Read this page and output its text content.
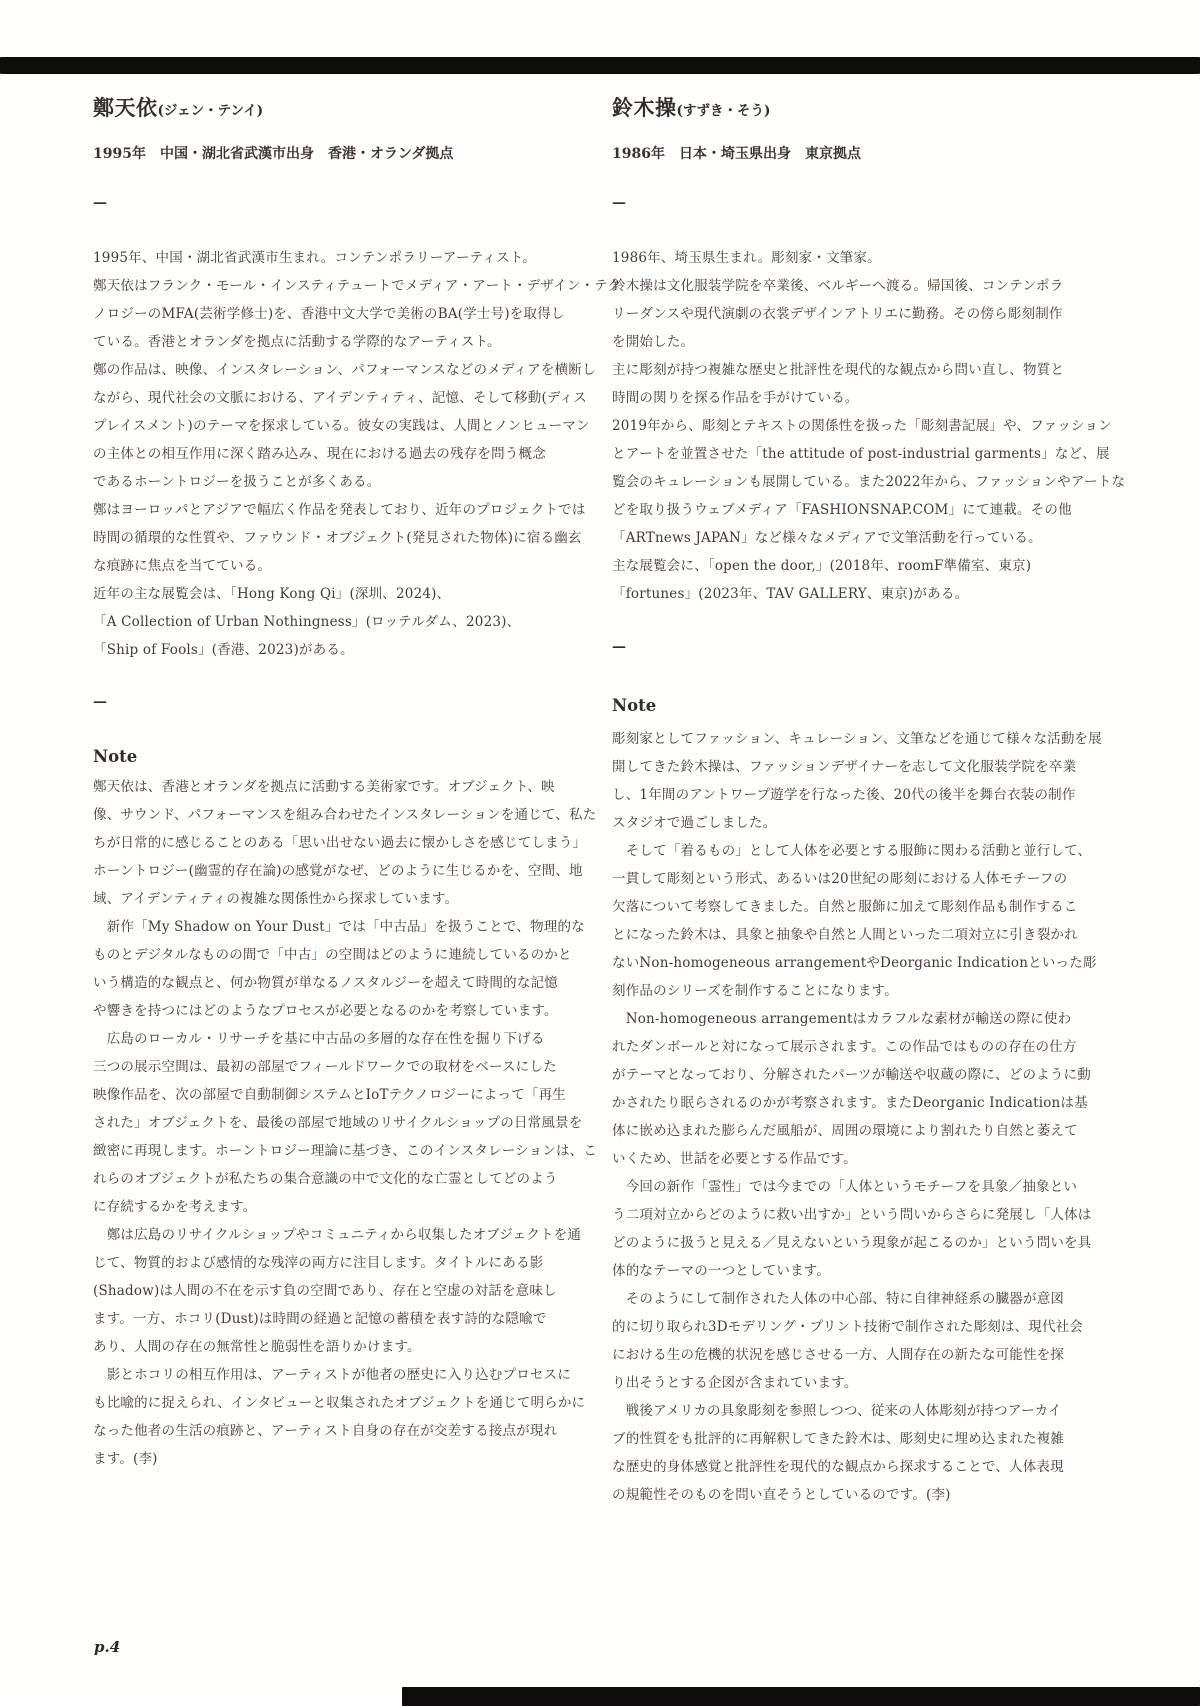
鄭天依(ジェン・テンイ)
1995年　中国・湖北省武漢市出身　香港・オランダ拠点
—
1995年、中国・湖北省武漢市生まれ。コンテンポラリーアーティスト。
鄭天依はフランク・モール・インスティテュートでメディア・アート・デザイン・テク
ノロジーのMFA(芸術学修士)を、香港中文大学で美術のBA(学士号)を取得し
ている。香港とオランダを拠点に活動する学際的なアーティスト。
鄭の作品は、映像、インスタレーション、パフォーマンスなどのメディアを横断し
ながら、現代社会の文脈における、アイデンティティ、記憶、そして移動(ディス
プレイスメント)のテーマを探求している。彼女の実践は、人間とノンヒューマン
の主体との相互作用に深く踏み込み、現在における過去の残存を問う概念
であるホーントロジーを扱うことが多くある。
鄭はヨーロッパとアジアで幅広く作品を発表しており、近年のプロジェクトでは
時間の循環的な性質や、ファウンド・オブジェクト(発見された物体)に宿る幽玄
な痕跡に焦点を当てている。
近年の主な展覧会は、「Hong Kong Qi」(深圳、2024)、
「A Collection of Urban Nothingness」(ロッテルダム、2023)、
「Ship of Fools」(香港、2023)がある。
—
Note
鄭天依は、香港とオランダを拠点に活動する美術家です。オブジェクト、映
像、サウンド、パフォーマンスを組み合わせたインスタレーションを通じて、私た
ちが日常的に感じることのある「思い出せない過去に懐かしさを感じてしまう」
ホーントロジー(幽霊的存在論)の感覚がなぜ、どのように生じるかを、空間、地
域、アイデンティティの複雑な関係性から探求しています。
　新作「My Shadow on Your Dust」では「中古品」を扱うことで、物理的な
ものとデジタルなものの間で「中古」の空間はどのように連続しているのかと
いう構造的な観点と、何か物質が単なるノスタルジーを超えて時間的な記憶
や響きを持つにはどのようなプロセスが必要となるのかを考察しています。
　広島のローカル・リサーチを基に中古品の多層的な存在性を掘り下げる
三つの展示空間は、最初の部屋でフィールドワークでの取材をベースにした
映像作品を、次の部屋で自動制御システムとIoTテクノロジーによって「再生
された」オブジェクトを、最後の部屋で地域のリサイクルショップの日常風景を
緻密に再現します。ホーントロジー理論に基づき、このインスタレーションは、こ
れらのオブジェクトが私たちの集合意識の中で文化的な亡霊としてどのよう
に存続するかを考えます。
　鄭は広島のリサイクルショップやコミュニティから収集したオブジェクトを通
じて、物質的および感情的な残滓の両方に注目します。タイトルにある影
(Shadow)は人間の不在を示す負の空間であり、存在と空虚の対話を意味し
ます。一方、ホコリ(Dust)は時間の経過と記憶の蓄積を表す詩的な隠喩で
あり、人間の存在の無常性と脆弱性を語りかけます。
　影とホコリの相互作用は、アーティストが他者の歴史に入り込むプロセスに
も比喩的に捉えられ、インタビューと収集されたオブジェクトを通じて明らかに
なった他者の生活の痕跡と、アーティスト自身の存在が交差する接点が現れ
ます。(李)
鈴木操(すずき・そう)
1986年　日本・埼玉県出身　東京拠点
—
1986年、埼玉県生まれ。彫刻家・文筆家。
鈴木操は文化服装学院を卒業後、ベルギーへ渡る。帰国後、コンテンポラ
リーダンスや現代演劇の衣裳デザインアトリエに勤務。その傍ら彫刻制作
を開始した。
主に彫刻が持つ複雑な歴史と批評性を現代的な観点から問い直し、物質と
時間の関りを探る作品を手がけている。
2019年から、彫刻とテキストの関係性を扱った「彫刻書記展」や、ファッション
とアートを並置させた「the attitude of post-industrial garments」など、展
覧会のキュレーションも展開している。また2022年から、ファッションやアートな
どを取り扱うウェブメディア「FASHIONSNAP.COM」にて連載。その他
「ARTnews JAPAN」など様々なメディアで文筆活動を行っている。
主な展覧会に、「open the door,」(2018年、roomF準備室、東京)
「fortunes」(2023年、TAV GALLERY、東京)がある。
—
Note
彫刻家としてファッション、キュレーション、文筆などを通じて様々な活動を展
開してきた鈴木操は、ファッションデザイナーを志して文化服装学院を卒業
し、1年間のアントワープ遊学を行なった後、20代の後半を舞台衣装の制作
スタジオで過ごしました。
　そして「着るもの」として人体を必要とする服飾に関わる活動と並行して、
一貫して彫刻という形式、あるいは20世紀の彫刻における人体モチーフの
欠落について考察してきました。自然と服飾に加えて彫刻作品も制作するこ
とになった鈴木は、具象と抽象や自然と人間といった二項対立に引き裂かれ
ないNon-homogeneous arrangementやDeorganic Indicationといった彫
刻作品のシリーズを制作することになります。
　Non-homogeneous arrangementはカラフルな素材が輸送の際に使わ
れたダンボールと対になって展示されます。この作品ではものの存在の仕方
がテーマとなっており、分解されたパーツが輸送や収蔵の際に、どのように動
かされたり眠らされるのかが考察されます。またDeorganic Indicationは基
体に嵌め込まれた膨らんだ風船が、周囲の環境により割れたり自然と萎えて
いくため、世話を必要とする作品です。
　今回の新作「霊性」では今までの「人体というモチーフを具象／抽象とい
う二項対立からどのように救い出すか」という問いからさらに発展し「人体は
どのように扱うと見える／見えないという現象が起こるのか」という問いを具
体的なテーマの一つとしています。
　そのようにして制作された人体の中心部、特に自律神経系の臓器が意図
的に切り取られ3Dモデリング・プリント技術で制作された彫刻は、現代社会
における生の危機的状況を感じさせる一方、人間存在の新たな可能性を探
り出そうとする企図が含まれています。
　戦後アメリカの具象彫刻を参照しつつ、従来の人体彫刻が持つアーカイ
ブ的性質をも批評的に再解釈してきた鈴木は、彫刻史に埋め込まれた複雑
な歴史的身体感覚と批評性を現代的な観点から探求することで、人体表現
の規範性そのものを問い直そうとしているのです。(李)
p.4
